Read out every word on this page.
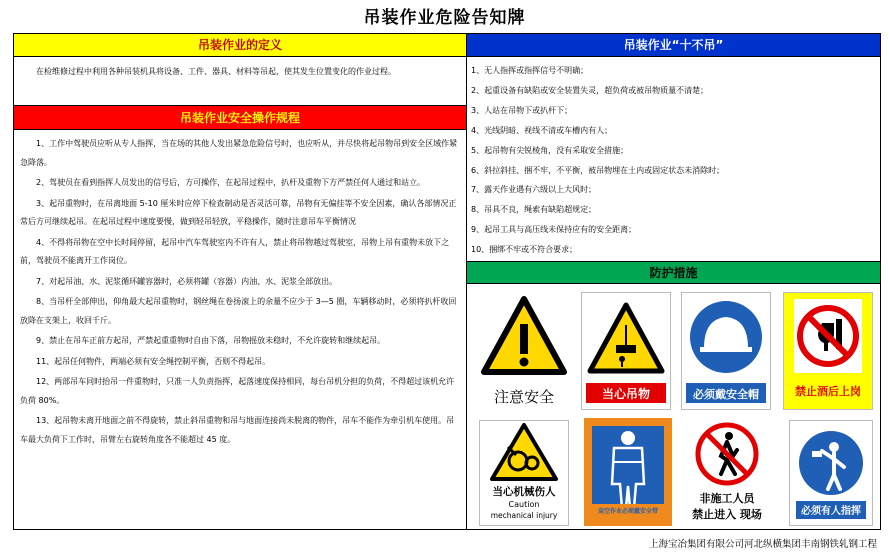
吊装作业危险告知牌
吊装作业的定义

在检维修过程中利用各种吊装机具将设备、工件、器具、材料等吊起，使其发生位置变化的作业过程。

吊装作业安全操作规程

1、工作中驾驶员应听从专人指挥，当在场的其他人发出紧急危险信号时，也应听从，并尽快将起吊物吊到安全区域作紧急降落。

2、驾驶员在看到指挥人员发出的信号后，方可操作，在起吊过程中，扒杆及重物下方严禁任何人通过和站立。

3、起吊重物时，在吊离地面 5-10 厘米时应停下检查制动是否灵活可靠，吊物有无偏挂等不安全因素，确认各部情况正常后方可继续起吊。在起吊过程中速度要慢，做到轻吊轻放，平稳操作，随时注意吊车平衡情况

4、不得将吊物在空中长时间停留，起吊中汽车驾驶室内不许有人，禁止将吊物越过驾驶室，吊物上吊有重物未放下之前，驾驶员不能离开工作岗位。

7、对起吊油、水、泥浆循环罐容器时，必须将罐（容器）内油、水、泥浆全部放出。

8、当吊杆全部伸出，仰角最大起吊重物时，钢丝绳在卷扬滚上的余量不应少于 3—5 圈，车辆移动时，必须将扒杆收回放降在支架上，收回千斤。

9、禁止在吊车正前方起吊，严禁起重重物时自由下落，吊物摇放未稳时，不允许旋转和继续起吊。

11、起吊任何物件，两端必须有安全绳控制平衡，否则不得起吊。

12、两部吊车同时抬吊一件重物时，只准一人负责指挥，起落速度保持相同，每台吊机分担的负荷，不得超过该机允许负荷 80%。

13、起吊物未离开地面之前不得旋转，禁止斜吊重物和吊与地面连接尚未脱离的物件，吊车不能作为牵引机车使用。吊车最大负荷下工作时，吊臂左右旋转角度各不能超过 45 度。

吊装作业“十不吊”
1、无人指挥或指挥信号不明确；
2、起重设备有缺陷或安全装置失灵，超负荷或被吊物质量不清楚；
3、人站在吊物下或扒杆下；
4、光线阴暗、视线不清或车槽内有人；
5、起吊物有尖锐棱角，没有采取安全措施；
6、斜拉斜挂、捆不牢，不平衡，被吊物埋在土内或固定状态未消除时；
7、露天作业遇有六级以上大风时；
8、吊具不良，绳索有缺陷超规定；
9、起吊工具与高压线未保持应有的安全距离；
10、捆绑不牢或不符合要求；
防护措施
注意安全	当心吊物	必须戴安全帽	禁止酒后上岗
当心机械伤人
Caution
mechanical injury	高空作业必须戴安全带
非施工人员
禁止进入 现场	必须有人指挥
上海宝冶集团有限公司河北纵横集团丰南钢铁轧钢工程
